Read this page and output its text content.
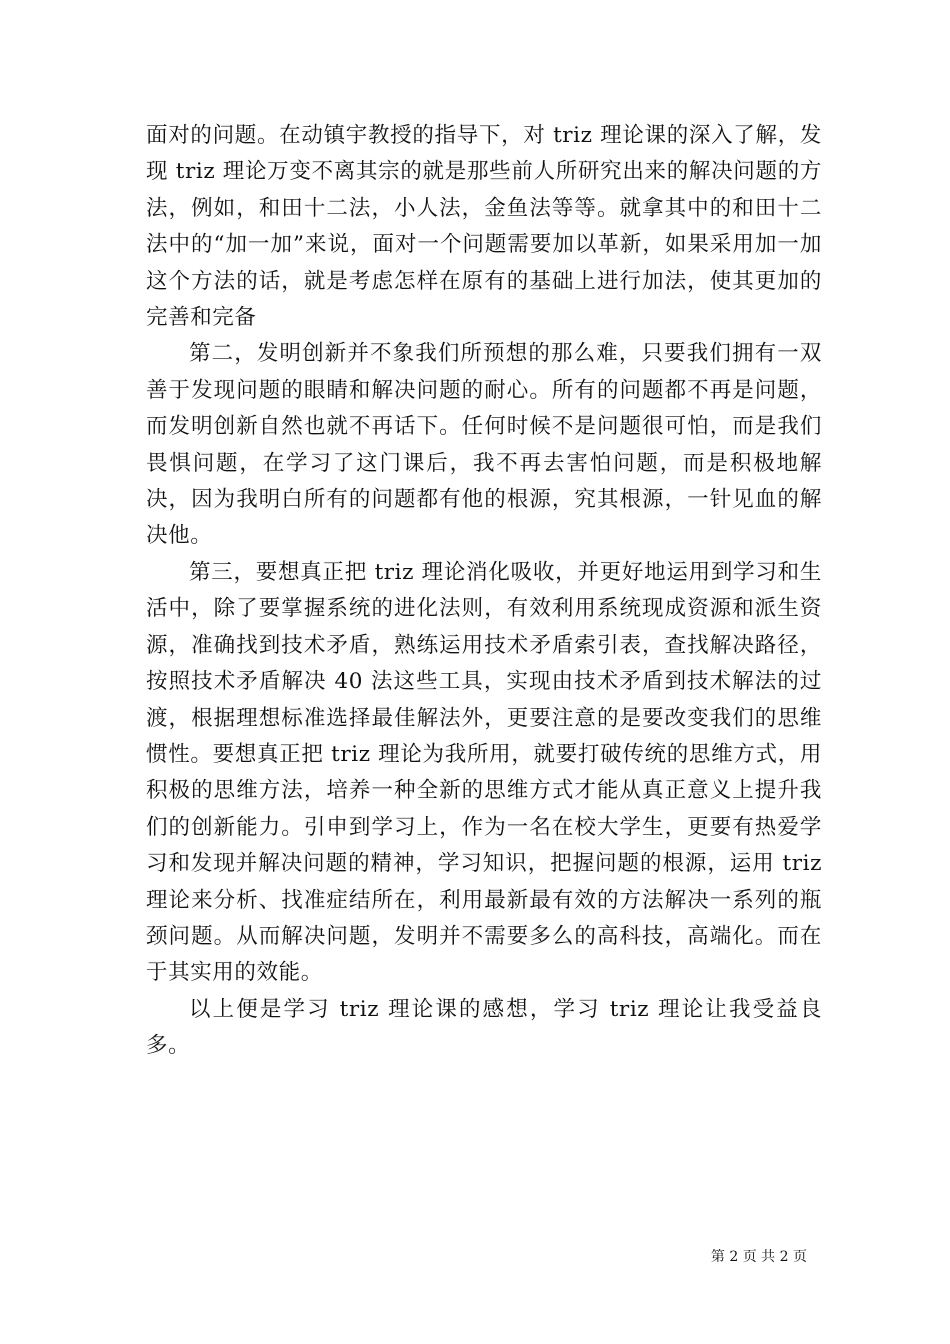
面对的问题。在动镇宇教授的指导下，对 triz 理论课的深入了解，发现 triz 理论万变不离其宗的就是那些前人所研究出来的解决问题的方法，例如，和田十二法，小人法，金鱼法等等。就拿其中的和田十二法中的“加一加”来说，面对一个问题需要加以革新，如果采用加一加这个方法的话，就是考虑怎样在原有的基础上进行加法，使其更加的完善和完备

第二，发明创新并不象我们所预想的那么难，只要我们拥有一双善于发现问题的眼睛和解决问题的耐心。所有的问题都不再是问题，而发明创新自然也就不再话下。任何时候不是问题很可怕，而是我们畏惧问题，在学习了这门课后，我不再去害怕问题，而是积极地解决，因为我明白所有的问题都有他的根源，究其根源，一针见血的解决他。

第三，要想真正把 triz 理论消化吸收，并更好地运用到学习和生活中，除了要掌握系统的进化法则，有效利用系统现成资源和派生资源，准确找到技术矛盾，熟练运用技术矛盾索引表，查找解决路径，按照技术矛盾解决 40 法这些工具，实现由技术矛盾到技术解法的过渡，根据理想标准选择最佳解法外，更要注意的是要改变我们的思维惯性。要想真正把 triz 理论为我所用，就要打破传统的思维方式，用积极的思维方法，培养一种全新的思维方式才能从真正意义上提升我们的创新能力。引申到学习上，作为一名在校大学生，更要有热爱学习和发现并解决问题的精神，学习知识，把握问题的根源，运用 triz 理论来分析、找准症结所在，利用最新最有效的方法解决一系列的瓶颈问题。从而解决问题，发明并不需要多么的高科技，高端化。而在于其实用的效能。

以上便是学习 triz 理论课的感想，学习 triz 理论让我受益良多。

第 2 页 共 2 页
